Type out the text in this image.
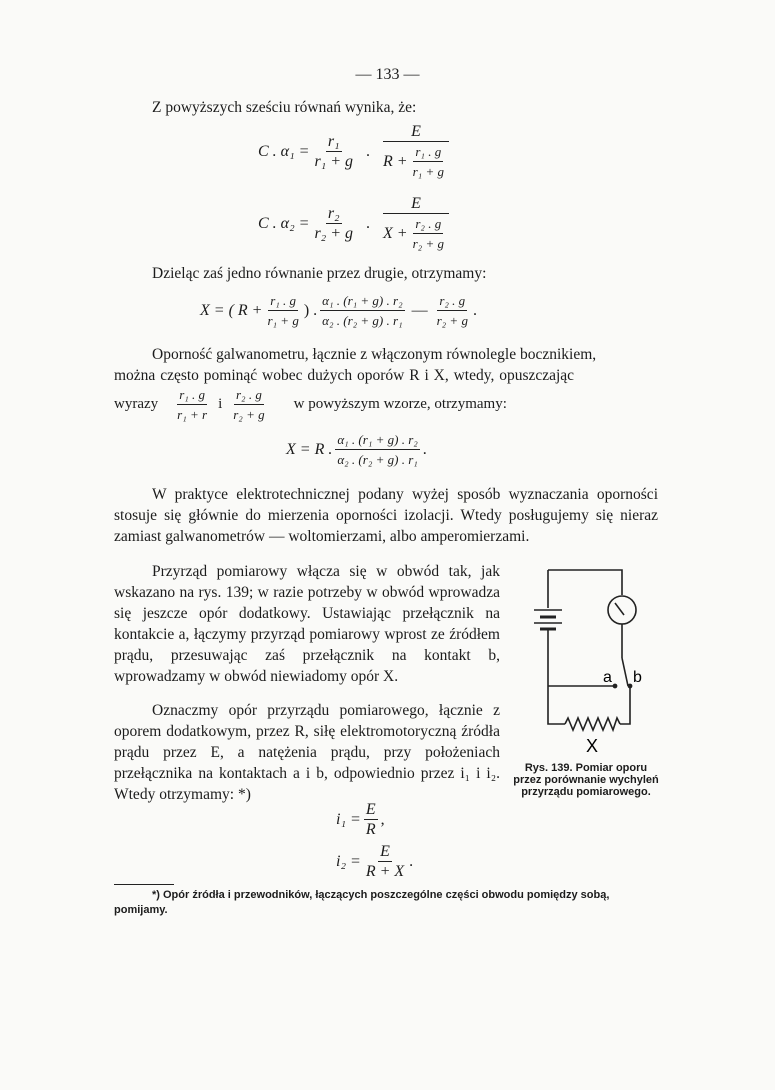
— 133 —
Z powyższych sześciu równań wynika, że:
C . $\alpha_1 = \frac{\text{r₁}}{\text{r₁ + g}}$ . $\frac{E}{R + \frac{\text{r₁ . g}}{\text{r₁ + g}}}$
C . $\alpha_2 = \frac{\text{r₂}}{\text{r₂ + g}}$ . $\frac{E}{X + \frac{\text{r₂ . g}}{\text{r₂ + g}}}$
Dzieląc zaś jedno równanie przez drugie, otrzymamy:
X = ( $R + \frac{\text{r₁ . g}}{\text{r₁ + g}}$ ) . $\frac{\text{α₁ . (r₁ + g) . r₂}}{\text{α₂ . (r₂ + g) . r₁}}$ — $\frac{\text{r₂ . g}}{\text{r₂ + g}}$ .
Oporność galwanometru, łącznie z włączonym równolegle bocznikiem,
można często pominąć wobec dużych oporów R i X, wtedy, opuszczając
wyrazy $\frac{\text{r₁ . g}}{\text{r₁ + r}}$ i $\frac{\text{r₂ . g}}{\text{r₂ + g}}$ w powyższym wzorze, otrzymamy:
X = R . $\frac{\text{α₁ . (r₁ + g) . r₂}}{\text{α₂ . (r₂ + g) . r₁}}$ .
W praktyce elektrotechnicznej podany wyżej sposób wyznaczania oporności stosuje się głównie do mierzenia oporności izolacji. Wtedy posługujemy się nieraz zamiast galwanometrów — woltomierzami, albo amperomierzami.
Przyrząd pomiarowy włącza się w obwód tak, jak wskazano na rys. 139; w razie potrzeby w obwód wprowadza się jeszcze opór dodatkowy. Ustawiając przełącznik na kontakcie a, łączymy przyrząd pomiarowy wprost ze źródłem prądu, przesuwając zaś przełącznik na kontakt b, wprowadzamy w obwód niewiadomy opór X.
Oznaczmy opór przyrządu pomiarowego, łącznie z oporem dodatkowym, przez R, siłę elektromotoryczną źródła prądu przez E, a natężenia prądu, przy położeniach przełącznika na kontaktach a i b, odpowiednio przez i₁ i i₂. Wtedy otrzymamy: *)
a b
X
Rys. 139. Pomiar oporu przez porównanie wychyleń przyrządu pomiarowego.
$i_1 = \frac{E}{R}$ ,
$i_2 = \frac{E}{R + X}$ .
*) Opór źródła i przewodników, łączących poszczególne części obwodu pomiędzy sobą, pomijamy.
